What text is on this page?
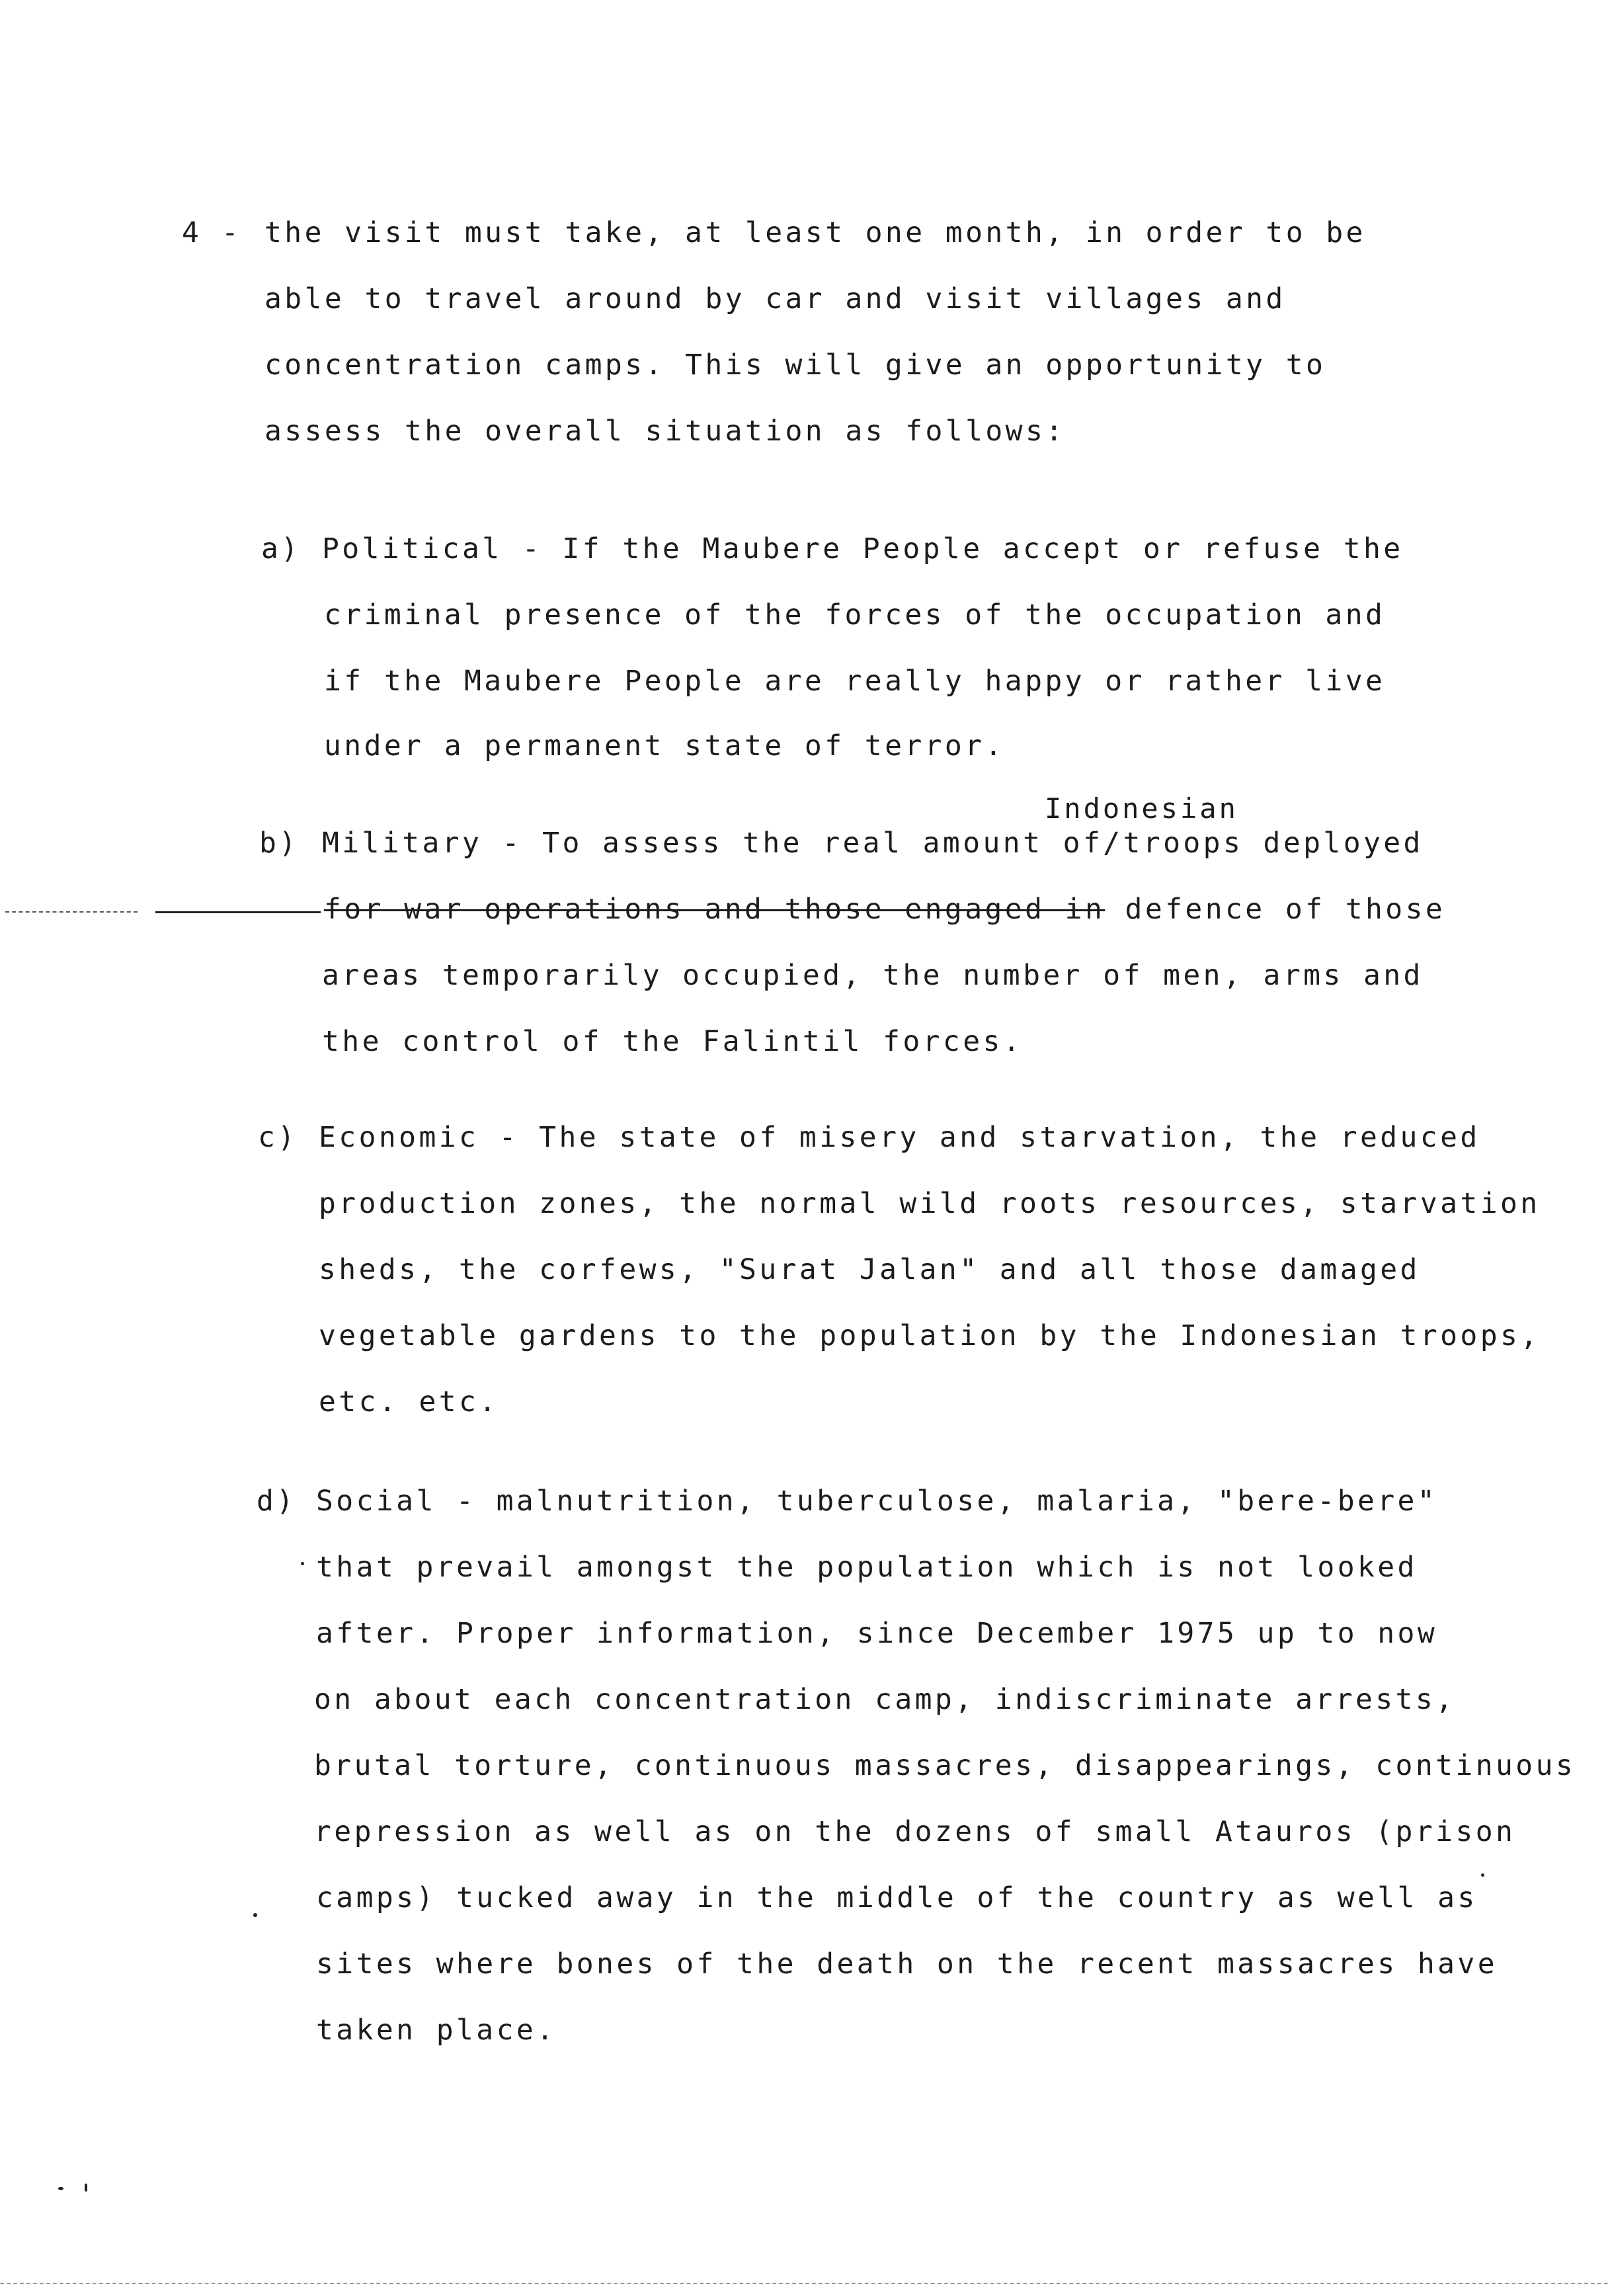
4 - the visit must take, at least one month, in order to be
able to travel around by car and visit villages and
concentration camps. This will give an opportunity to
assess the overall situation as follows:
a) Political - If the Maubere People accept or refuse the
criminal presence of the forces of the occupation and
if the Maubere People are really happy or rather live
under a permanent state of terror.
Indonesian
b) Military - To assess the real amount of/troops deployed
for war operations and those engaged in defence of those
areas temporarily occupied, the number of men, arms and
the control of the Falintil forces.
c) Economic - The state of misery and starvation, the reduced
production zones, the normal wild roots resources, starvation
sheds, the corfews, "Surat Jalan" and all those damaged
vegetable gardens to the population by the Indonesian troops,
etc. etc.
d) Social - malnutrition, tuberculose, malaria, "bere-bere"
that prevail amongst the population which is not looked
after. Proper information, since December 1975 up to now
on about each concentration camp, indiscriminate arrests,
brutal torture, continuous massacres, disappearings, continuous
repression as well as on the dozens of small Atauros (prison
camps) tucked away in the middle of the country as well as
sites where bones of the death on the recent massacres have
taken place.
